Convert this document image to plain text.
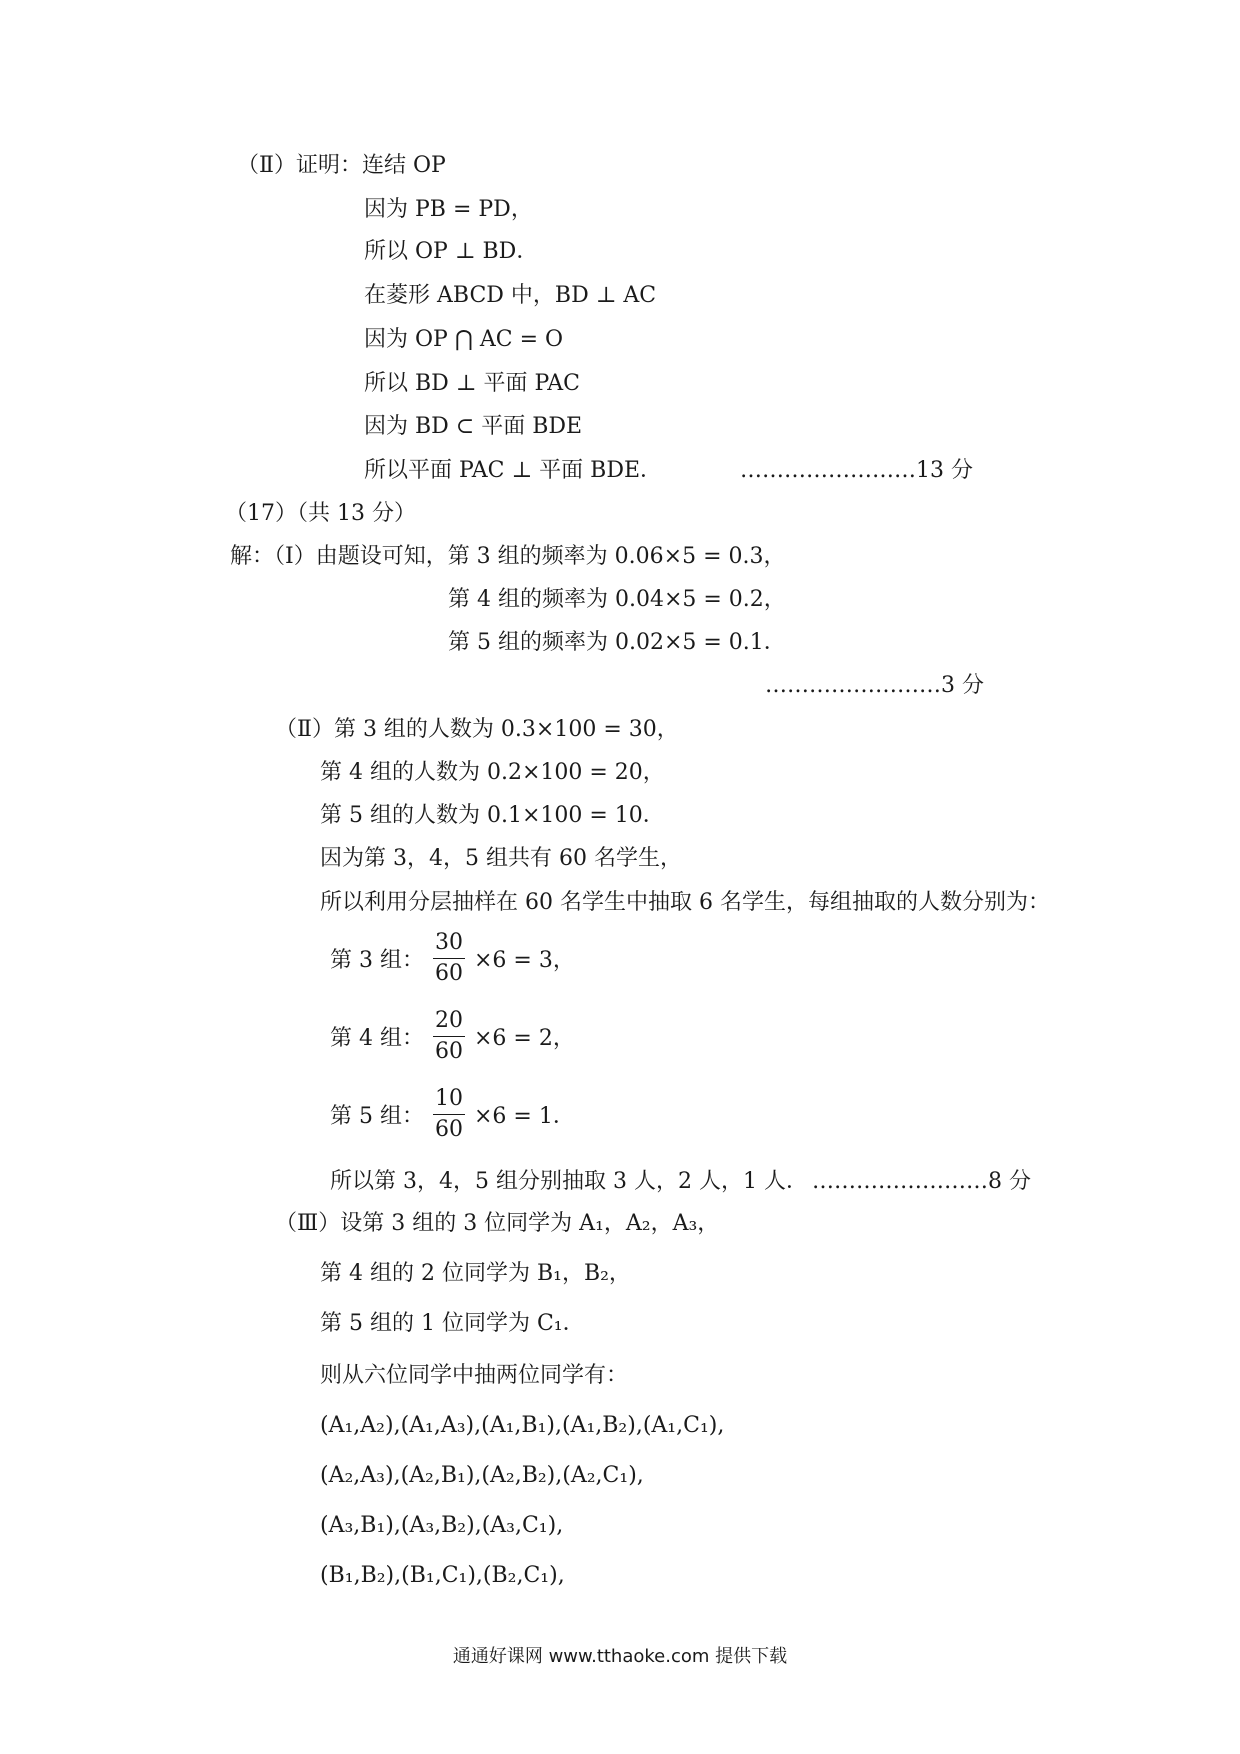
（Ⅱ）证明：连结 OP
因为 PB = PD，
所以 OP ⊥ BD．
在菱形 ABCD 中，BD ⊥ AC
因为 OP ⋂ AC = O
所以 BD ⊥ 平面 PAC
因为 BD ⊂ 平面 BDE
所以平面 PAC ⊥ 平面 BDE．	……………………13 分
（17）（共 13 分）
解：（Ⅰ）由题设可知，第 3 组的频率为 0.06×5 = 0.3，
第 4 组的频率为 0.04×5 = 0.2，
第 5 组的频率为 0.02×5 = 0.1．
……………………3 分
（Ⅱ）第 3 组的人数为 0.3×100 = 30，
第 4 组的人数为 0.2×100 = 20，
第 5 组的人数为 0.1×100 = 10．
因为第 3，4，5 组共有 60 名学生，
所以利用分层抽样在 60 名学生中抽取 6 名学生，每组抽取的人数分别为：
第 3 组： $\frac{30}{60} \times 6 = 3$，
第 4 组： $\frac{20}{60} \times 6 = 2$，
第 5 组： $\frac{10}{60} \times 6 = 1$．
所以第 3，4，5 组分别抽取 3 人，2 人，1 人． ……………………8 分
（Ⅲ）设第 3 组的 3 位同学为 A₁，A₂，A₃，
第 4 组的 2 位同学为 B₁，B₂，
第 5 组的 1 位同学为 C₁．
则从六位同学中抽两位同学有：
(A₁,A₂),(A₁,A₃),(A₁,B₁),(A₁,B₂),(A₁,C₁),
(A₂,A₃),(A₂,B₁),(A₂,B₂),(A₂,C₁),
(A₃,B₁),(A₃,B₂),(A₃,C₁),
(B₁,B₂),(B₁,C₁),(B₂,C₁),
通通好课网 www.tthaoke.com 提供下载
